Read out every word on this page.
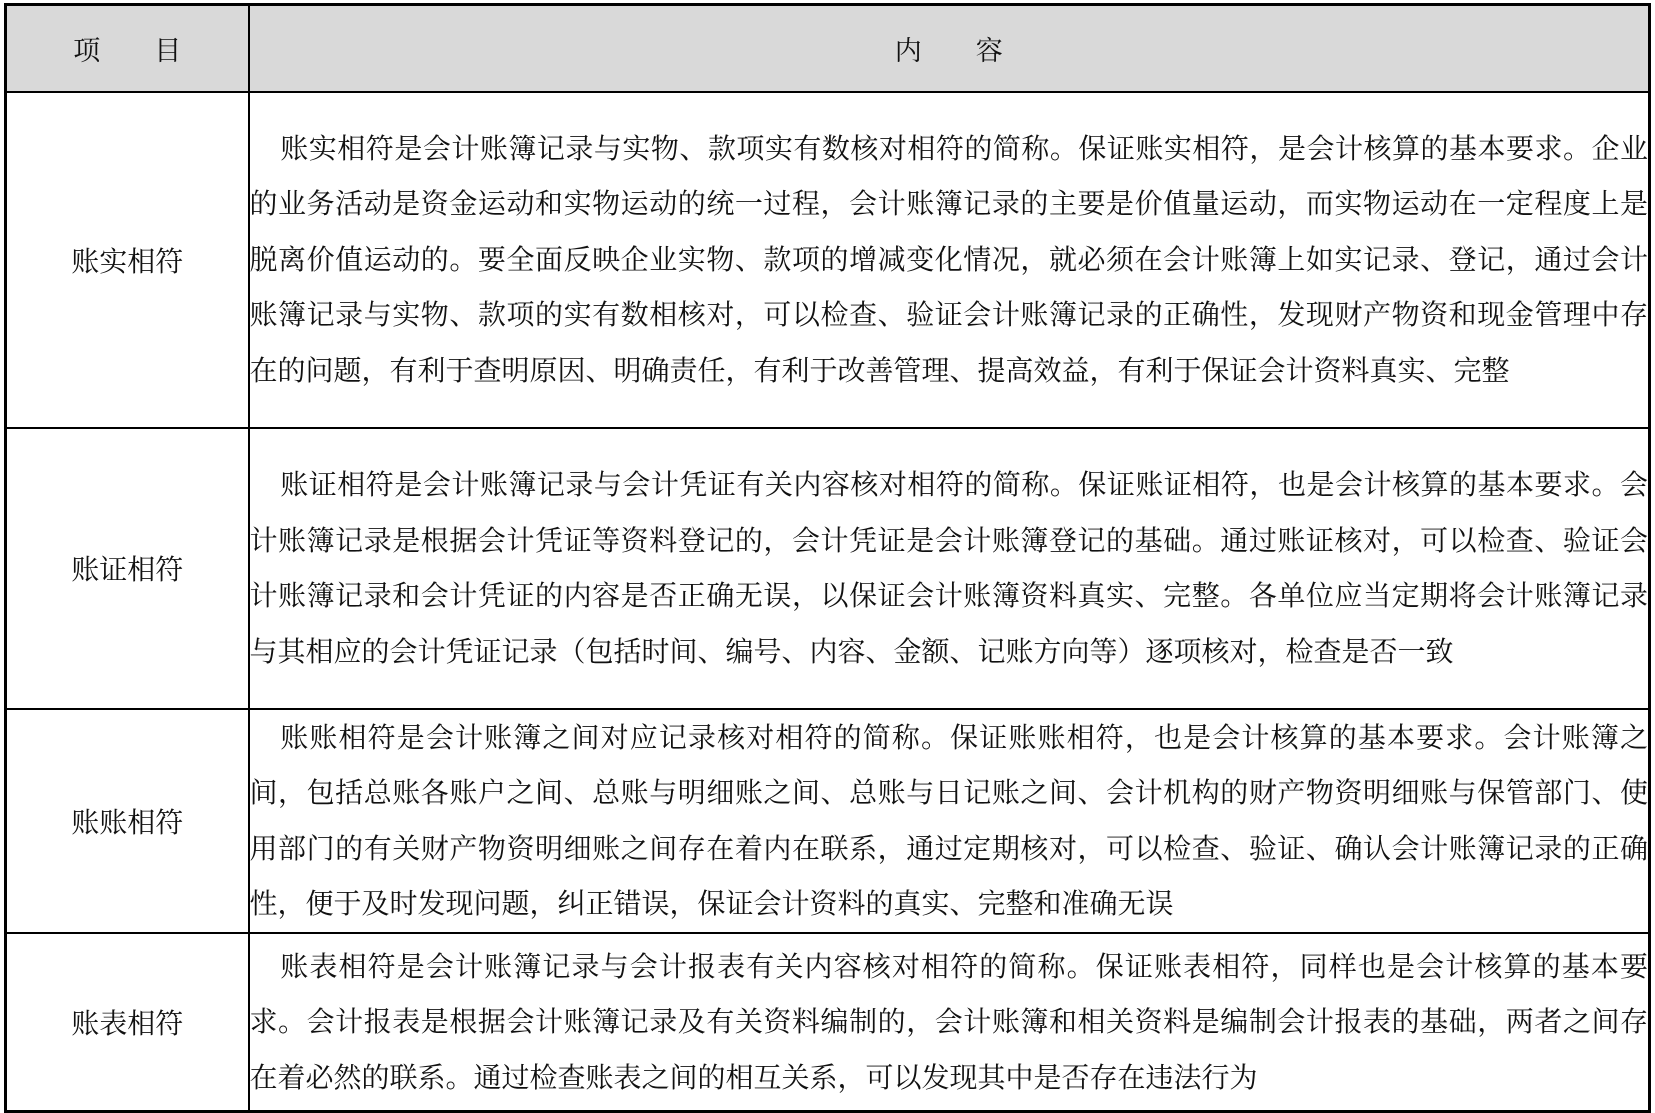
项　　目	内　　容
账实相符	账实相符是会计账簿记录与实物、款项实有数核对相符的简称。保证账实相符，是会计核算的基本要求。企业的业务活动是资金运动和实物运动的统一过程，会计账簿记录的主要是价值量运动，而实物运动在一定程度上是脱离价值运动的。要全面反映企业实物、款项的增减变化情况，就必须在会计账簿上如实记录、登记，通过会计账簿记录与实物、款项的实有数相核对，可以检查、验证会计账簿记录的正确性，发现财产物资和现金管理中存在的问题，有利于查明原因、明确责任，有利于改善管理、提高效益，有利于保证会计资料真实、完整

账证相符	账证相符是会计账簿记录与会计凭证有关内容核对相符的简称。保证账证相符，也是会计核算的基本要求。会计账簿记录是根据会计凭证等资料登记的，会计凭证是会计账簿登记的基础。通过账证核对，可以检查、验证会计账簿记录和会计凭证的内容是否正确无误，以保证会计账簿资料真实、完整。各单位应当定期将会计账簿记录与其相应的会计凭证记录（包括时间、编号、内容、金额、记账方向等）逐项核对，检查是否一致

账账相符	账账相符是会计账簿之间对应记录核对相符的简称。保证账账相符，也是会计核算的基本要求。会计账簿之间，包括总账各账户之间、总账与明细账之间、总账与日记账之间、会计机构的财产物资明细账与保管部门、使用部门的有关财产物资明细账之间存在着内在联系，通过定期核对，可以检查、验证、确认会计账簿记录的正确性，便于及时发现问题，纠正错误，保证会计资料的真实、完整和准确无误

账表相符	账表相符是会计账簿记录与会计报表有关内容核对相符的简称。保证账表相符，同样也是会计核算的基本要求。会计报表是根据会计账簿记录及有关资料编制的，会计账簿和相关资料是编制会计报表的基础，两者之间存在着必然的联系。通过检查账表之间的相互关系，可以发现其中是否存在违法行为
